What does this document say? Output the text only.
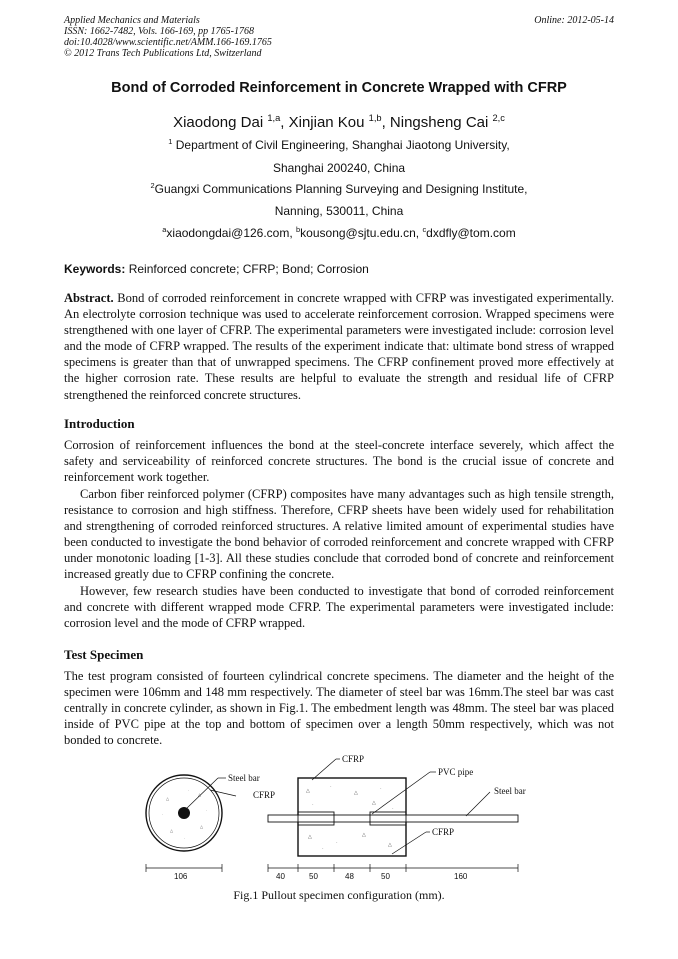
Applied Mechanics and Materials
ISSN: 1662-7482, Vols. 166-169, pp 1765-1768
doi:10.4028/www.scientific.net/AMM.166-169.1765
© 2012 Trans Tech Publications Ltd, Switzerland
Online: 2012-05-14
Bond of Corroded Reinforcement in Concrete Wrapped with CFRP
Xiaodong Dai $^{1,a}$, Xinjian Kou $^{1,b}$, Ningsheng Cai $^{2,c}$
$^1$ Department of Civil Engineering, Shanghai Jiaotong University,
Shanghai 200240, China
$^2$Guangxi Communications Planning Surveying and Designing Institute,
Nanning, 530011, China
$^a$xiaodongdai@126.com, $^b$kousong@sjtu.edu.cn, $^c$dxdfly@tom.com
Keywords: Reinforced concrete; CFRP; Bond; Corrosion

Abstract. Bond of corroded reinforcement in concrete wrapped with CFRP was investigated experimentally. An electrolyte corrosion technique was used to accelerate reinforcement corrosion. Wrapped specimens were strengthened with one layer of CFRP. The experimental parameters were investigated include: corrosion level and the mode of CFRP wrapped. The results of the experiment indicate that: ultimate bond stress of wrapped specimens is greater than that of unwrapped specimens. The CFRP confinement proved more effectively at the higher corrosion rate. These results are helpful to evaluate the strength and residual life of CFRP strengthened the reinforced concrete structures.

Introduction

Corrosion of reinforcement influences the bond at the steel-concrete interface severely, which affect the safety and serviceability of reinforced concrete structures. The bond is the crucial issue of concrete and reinforcement work together.

Carbon fiber reinforced polymer (CFRP) composites have many advantages such as high tensile strength, resistance to corrosion and high stiffness. Therefore, CFRP sheets have been widely used for rehabilitation and strengthening of corroded reinforced structures. A relative limited amount of experimental studies have been conducted to investigate the bond behavior of corroded reinforcement and concrete wrapped with CFRP under monotonic loading [1-3]. All these studies conclude that corroded bond of concrete and reinforcement increased greatly due to CFRP confining the concrete.

However, few research studies have been conducted to investigate that bond of corroded reinforcement and concrete with different wrapped mode CFRP. The experimental parameters were investigated include: corrosion level and the mode of CFRP wrapped.

Test Specimen

The test program consisted of fourteen cylindrical concrete specimens. The diameter and the height of the specimen were 106mm and 148 mm respectively. The diameter of steel bar was 16mm.The steel bar was cast centrally in concrete cylinder, as shown in Fig.1. The embedment length was 48mm. The steel bar was placed inside of PVC pipe at the top and bottom of specimen over a length 50mm respectively, which was not bonded to concrete.

△
△
△
△
·
·
·
·
Steel bar
CFRP
106
△
·
△
·
·	△
·
△
·
△
△
·
CFRP
PVC pipe
Steel bar
CFRP
40	50	48	50	160
Fig.1 Pullout specimen configuration (mm).
